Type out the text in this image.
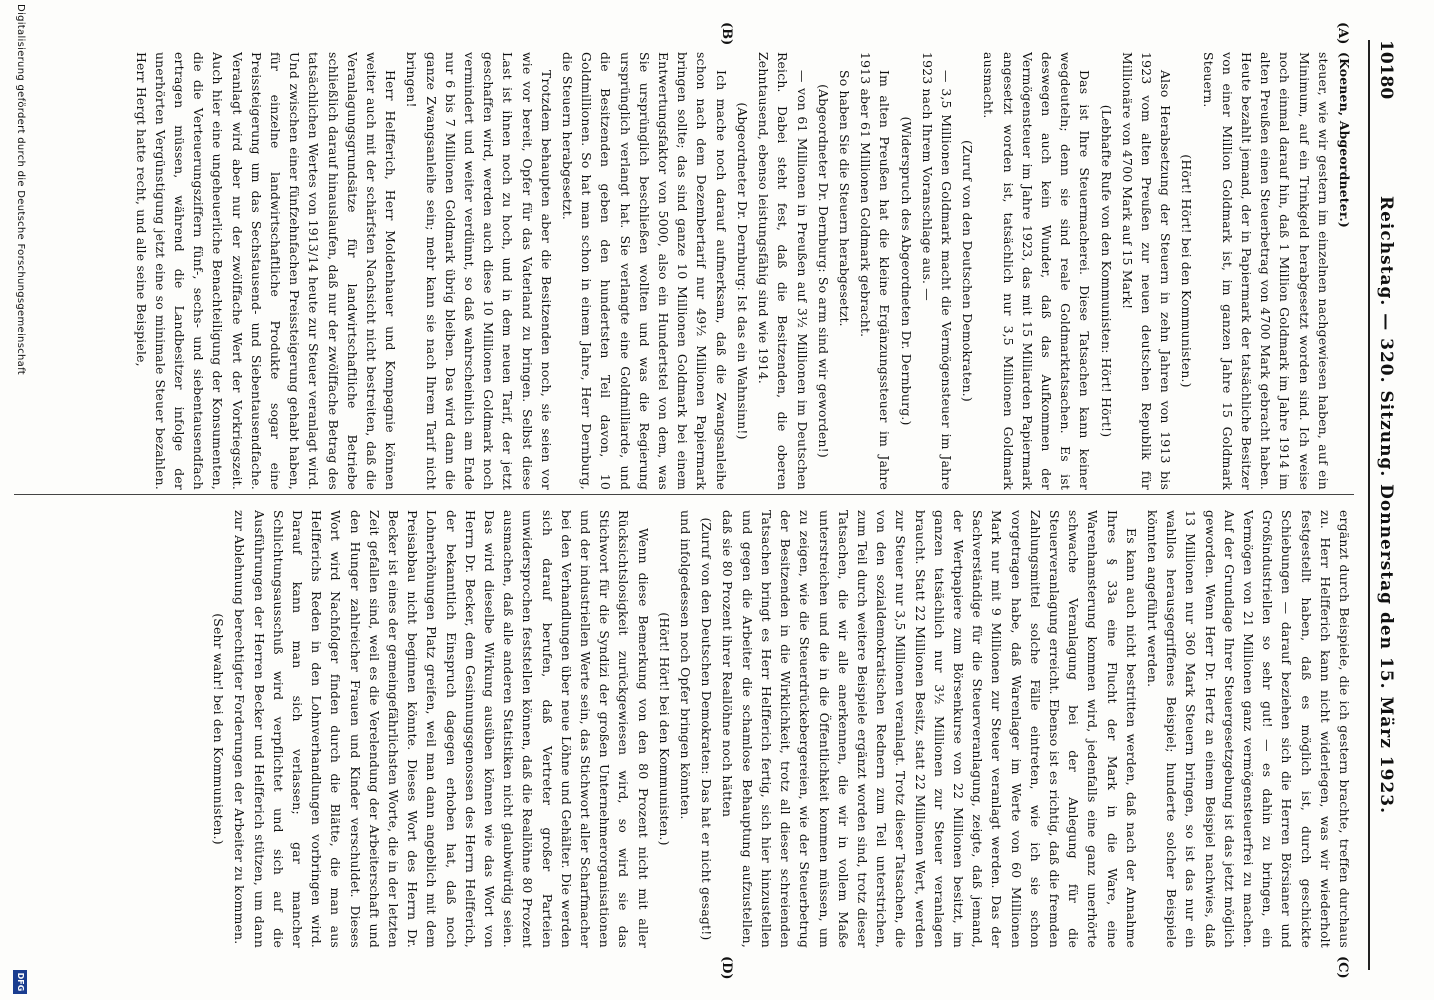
10180
Reichstag. — 320. Sitzung. Donnerstag den 15. März 1923.
(A)
(B)
(C)
(D)

(Koenen, Abgeordneter.)

steuer, wie wir gestern im einzelnen nachgewiesen haben, auf ein Minimum, auf ein Trinkgeld herabgesetzt worden sind. Ich weise noch einmal darauf hin, daß 1 Million Goldmark im Jahre 1914 im alten Preußen einen Steuerbetrag von 4700 Mark gebracht haben. Heute bezahlt jemand, der in Papiermark der tatsächliche Besitzer von einer Million Goldmark ist, im ganzen Jahre 15 Goldmark Steuern.

(Hört! Hört! bei den Kommunisten.)

Also Herabsetzung der Steuern in zehn Jahren von 1913 bis 1923 vom alten Preußen zur neuen deutschen Republik für Millionäre von 4700 Mark auf 15 Mark!

(Lebhafte Rufe von den Kommunisten: Hört! Hört!)

Das ist Ihre Steuermacherei. Diese Tatsachen kann keiner wegdeuteln; denn sie sind reale Goldmarktatsachen. Es ist deswegen auch kein Wunder, daß das Aufkommen der Vermögensteuer im Jahre 1923, das mit 15 Milliarden Papiermark angesetzt worden ist, tatsächlich nur 3,5 Millionen Goldmark ausmacht.

(Zuruf von den Deutschen Demokraten.)

— 3,5 Millionen Goldmark macht die Vermögensteuer im Jahre 1923 nach Ihrem Voranschlage aus. —

(Widerspruch des Abgeordneten Dr. Dernburg.)

Im alten Preußen hat die kleine Ergänzungssteuer im Jahre 1913 aber 61 Millionen Goldmark gebracht.

So haben Sie die Steuern herabgesetzt.

(Abgeordneter Dr. Dernburg: So arm sind wir geworden!)

— von 61 Millionen in Preußen auf 3½ Millionen im Deutschen Reich. Dabei steht fest, daß die Besitzenden, die oberen Zehntausend, ebenso leistungsfähig sind wie 1914.

(Abgeordneter Dr. Dernburg: Ist das ein Wahnsinn!)

Ich mache noch darauf aufmerksam, daß die Zwangsanleihe schon nach dem Dezembertarif nur 49½ Millionen Papiermark bringen sollte; das sind ganze 10 Millionen Goldmark bei einem Entwertungsfaktor von 5000, also ein Hundertstel von dem, was Sie ursprünglich beschließen wollten und was die Regierung ursprünglich verlangt hat. Sie verlangte eine Goldmilliarde, und die Besitzenden geben den hundertsten Teil davon, 10 Goldmillionen. So hat man schon in einem Jahre, Herr Dernburg, die Steuern herabgesetzt.

Trotzdem behaupten aber die Besitzenden noch, sie seien vor wie vor bereit, Opfer für das Vaterland zu bringen. Selbst diese Last ist ihnen noch zu hoch, und in dem neuen Tarif, der jetzt geschaffen wird, werden auch diese 10 Millionen Goldmark noch vermindert und weiter verdünnt, so daß wahrscheinlich am Ende nur 6 bis 7 Millionen Goldmark übrig bleiben. Das wird dann die ganze Zwangsanleihe sein; mehr kann sie nach Ihrem Tarif nicht bringen!

Herr Helfferich, Herr Moldenhauer und Kompagnie können weiter auch mit der schärfsten Nachsicht nicht bestreiten, daß die Veranlagungsgrundsätze für landwirtschaftliche Betriebe schließlich darauf hinauslaufen, daß nur der zwölffache Betrag des tatsächlichen Wertes von 1913/14 heute zur Steuer veranlagt wird. Und zwischen einer fünfzehnfachen Preissteigerung gehabt haben, für einzelne landwirtschaftliche Produkte sogar eine Preissteigerung um das Sechstausend- und Siebentausendfache. Veranlagt wird aber nur der zwölffache Wert der Vorkriegszeit. Auch hier eine ungeheuerliche Benachteiligung der Konsumenten, die die Verteuerungsziffern fünf-, sechs- und siebentausendfach ertragen müssen, während die Landbesitzer infolge der unerhörten Vergünstigung jetzt eine so minimale Steuer bezahlen. Herr Hergt hatte recht, und alle seine Beispiele,

ergänzt durch Beispiele, die ich gestern brachte, treffen durchaus zu. Herr Helfferich kann nicht widerlegen, was wir wiederholt festgestellt haben, daß es möglich ist, durch geschickte Schiebungen — darauf beziehen sich die Herren Börsianer und Großindustriellen so sehr gut! — es dahin zu bringen, ein Vermögen von 21 Millionen ganz vermögensteuerfrei zu machen. Auf der Grundlage Ihrer Steuergesetzgebung ist das jetzt möglich geworden. Wenn Herr Dr. Hertz an einem Beispiel nachwies, daß 13 Millionen nur 360 Mark Steuern bringen, so ist das nur ein wahllos herausgegriffenes Beispiel; hunderte solcher Beispiele könnten angeführt werden.

Es kann auch nicht bestritten werden, daß nach der Annahme Ihres § 33a eine Flucht der Mark in die Ware, eine Warenhamsterung kommen wird, jedenfalls eine ganz unerhörte schwache Veranlagung bei der Anlegung für die Steuerveranlagung erreicht. Ebenso ist es richtig, daß die fremden Zahlungsmittel solche Fälle eintreten, wie ich sie schon vorgetragen habe, daß Warenlager im Werte von 60 Millionen Mark nur mit 9 Millionen zur Steuer veranlagt werden. Das der Sachverständige für die Steuerveranlagung, zeigte, daß jemand, der Wertpapiere zum Börsenkurse von 22 Millionen besitzt, im ganzen tatsächlich nur 3½ Millionen zur Steuer veranlagen braucht. Statt 22 Millionen Besitz, statt 22 Millionen Wert, werden zur Steuer nur 3,5 Millionen veranlagt. Trotz dieser Tatsachen, die von den sozialdemokratischen Rednern zum Teil unterstrichen, zum Teil durch weitere Beispiele ergänzt worden sind, trotz dieser Tatsachen, die wir alle anerkennen, die wir in vollem Maße unterstreichen und die in die Öffentlichkeit kommen müssen, um zu zeigen, wie die Steuerdrückebergereien, wie der Steuerbetrug der Besitzenden in die Wirklichkeit, trotz all dieser schreienden Tatsachen bringt es Herr Helfferich fertig, sich hier hinzustellen und gegen die Arbeiter die schamlose Behauptung aufzustellen, daß sie 80 Prozent ihrer Reallöhne noch hätten

(Zuruf von den Deutschen Demokraten: Das hat er nicht gesagt!)

und infolgedessen noch Opfer bringen könnten.

(Hört! Hört! bei den Kommunisten.)

Wenn diese Bemerkung von den 80 Prozent nicht mit aller Rücksichtslosigkeit zurückgewiesen wird, so wird sie das Stichwort für die Syndizi der großen Unternehmerorganisationen und der industriellen Werte sein, das Stichwort aller Scharfmacher bei den Verhandlungen über neue Löhne und Gehälter. Die werden sich darauf berufen, daß Vertreter großer Parteien unwidersprochen feststellen können, daß die Reallöhne 80 Prozent ausmachen, daß alle anderen Statistiken nicht glaubwürdig seien. Das wird dieselbe Wirkung ausüben können wie das Wort von Herrn Dr. Becker, dem Gesinnungsgenossen des Herrn Helfferich, der bekanntlich Einspruch dagegen erhoben hat, daß noch Lohnerhöhungen Platz greifen, weil man dann angeblich mit dem Preisabbau nicht beginnen könnte. Dieses Wort des Herrn Dr. Becker ist eines der gemeingefährlichsten Worte, die in der letzten Zeit gefallen sind, weil es die Verelendung der Arbeiterschaft und den Hunger zahlreicher Frauen und Kinder verschuldet. Dieses Wort wird Nachfolger finden durch die Blätte, die man aus Helfferichs Reden in den Lohnverhandlungen vorbringen wird. Darauf kann man sich verlassen; gar mancher Schlichtungsausschuß wird verpflichtet und sich auf die Ausführungen der Herren Becker und Helfferich stützen, um dann zur Ablehnung berechtigter Forderungen der Arbeiter zu kommen.

(Sehr wahr! bei den Kommunisten.)

Digitalisierung gefördert durch die Deutsche Forschungsgemeinschaft
DFG
